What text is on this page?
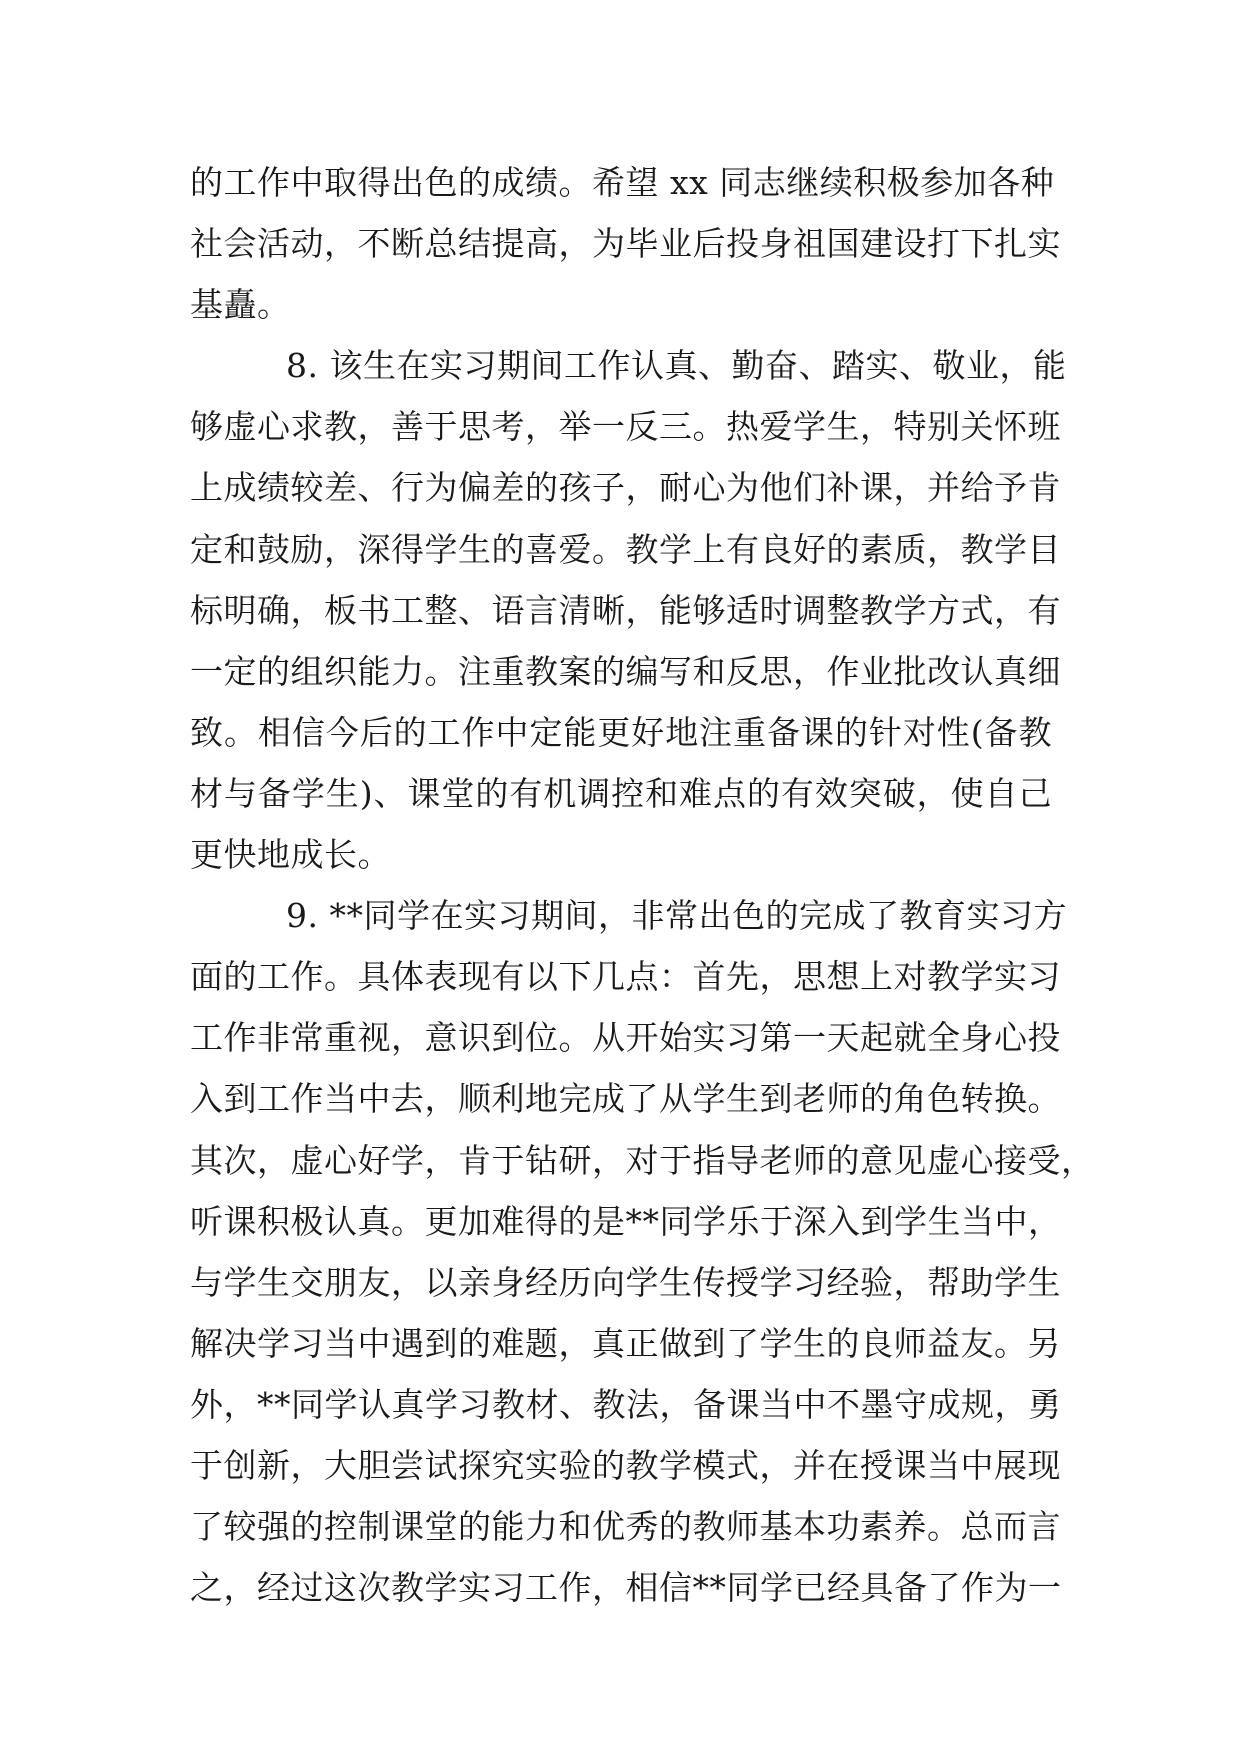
的工作中取得出色的成绩。希望 xx 同志继续积极参加各种
社会活动，不断总结提高，为毕业后投身祖国建设打下扎实
基矗。
8. 该生在实习期间工作认真、勤奋、踏实、敬业，能
够虚心求教，善于思考，举一反三。热爱学生，特别关怀班
上成绩较差、行为偏差的孩子，耐心为他们补课，并给予肯
定和鼓励，深得学生的喜爱。教学上有良好的素质，教学目
标明确，板书工整、语言清晰，能够适时调整教学方式，有
一定的组织能力。注重教案的编写和反思，作业批改认真细
致。相信今后的工作中定能更好地注重备课的针对性(备教
材与备学生)、课堂的有机调控和难点的有效突破，使自己
更快地成长。
9. **同学在实习期间，非常出色的完成了教育实习方
面的工作。具体表现有以下几点：首先，思想上对教学实习
工作非常重视，意识到位。从开始实习第一天起就全身心投
入到工作当中去，顺利地完成了从学生到老师的角色转换。
其次，虚心好学，肯于钻研，对于指导老师的意见虚心接受，
听课积极认真。更加难得的是**同学乐于深入到学生当中，
与学生交朋友，以亲身经历向学生传授学习经验，帮助学生
解决学习当中遇到的难题，真正做到了学生的良师益友。另
外，**同学认真学习教材、教法，备课当中不墨守成规，勇
于创新，大胆尝试探究实验的教学模式，并在授课当中展现
了较强的控制课堂的能力和优秀的教师基本功素养。总而言
之，经过这次教学实习工作，相信**同学已经具备了作为一
